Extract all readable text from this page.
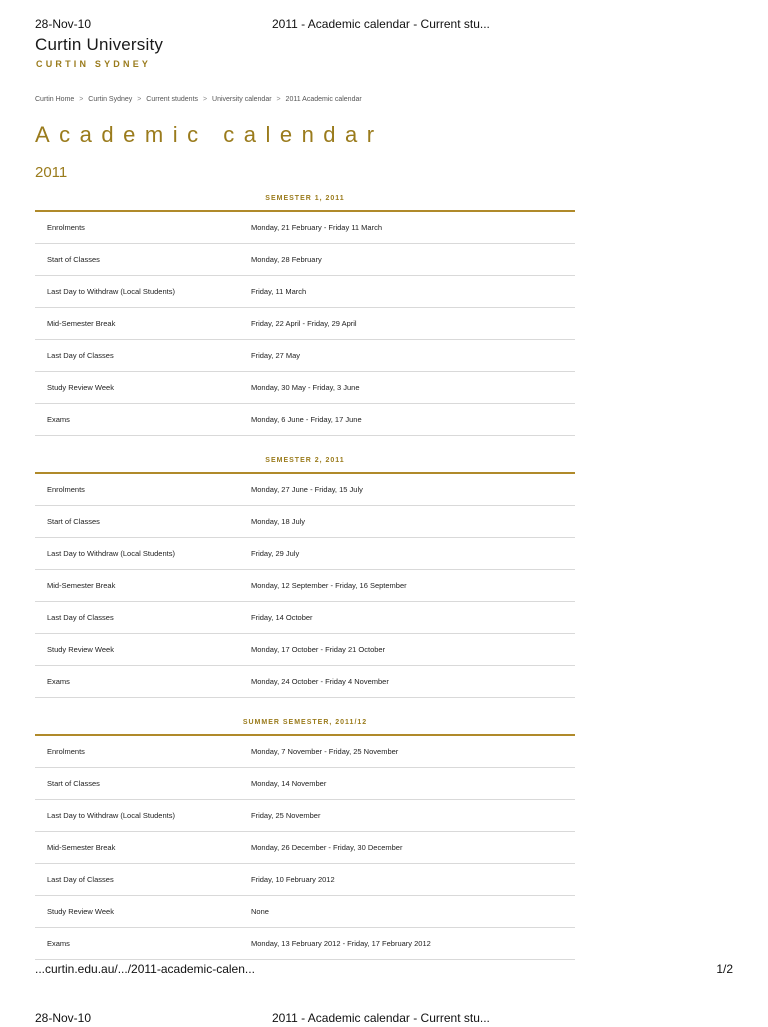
28-Nov-10	2011 - Academic calendar - Current stu...
Curtin University
CURTIN SYDNEY
Curtin Home > Curtin Sydney > Current students > University calendar > 2011 Academic calendar
Academic calendar
2011
SEMESTER 1, 2011
Enrolments	Monday, 21 February - Friday 11 March
Start of Classes	Monday, 28 February
Last Day to Withdraw (Local Students)	Friday, 11 March
Mid-Semester Break	Friday, 22 April - Friday, 29 April
Last Day of Classes	Friday, 27 May
Study Review Week	Monday, 30 May - Friday, 3 June
Exams	Monday, 6 June - Friday, 17 June
SEMESTER 2, 2011
Enrolments	Monday, 27 June - Friday, 15 July
Start of Classes	Monday, 18 July
Last Day to Withdraw (Local Students)	Friday, 29 July
Mid-Semester Break	Monday, 12 September - Friday, 16 September
Last Day of Classes	Friday, 14 October
Study Review Week	Monday, 17 October - Friday 21 October
Exams	Monday, 24 October - Friday 4 November
SUMMER SEMESTER, 2011/12
Enrolments	Monday, 7 November - Friday, 25 November
Start of Classes	Monday, 14 November
Last Day to Withdraw (Local Students)	Friday, 25 November
Mid-Semester Break	Monday, 26 December - Friday, 30 December
Last Day of Classes	Friday, 10 February 2012
Study Review Week	None
Exams	Monday, 13 February 2012 - Friday, 17 February 2012
...curtin.edu.au/.../2011-academic-calen...	1/2
28-Nov-10	2011 - Academic calendar - Current stu...
